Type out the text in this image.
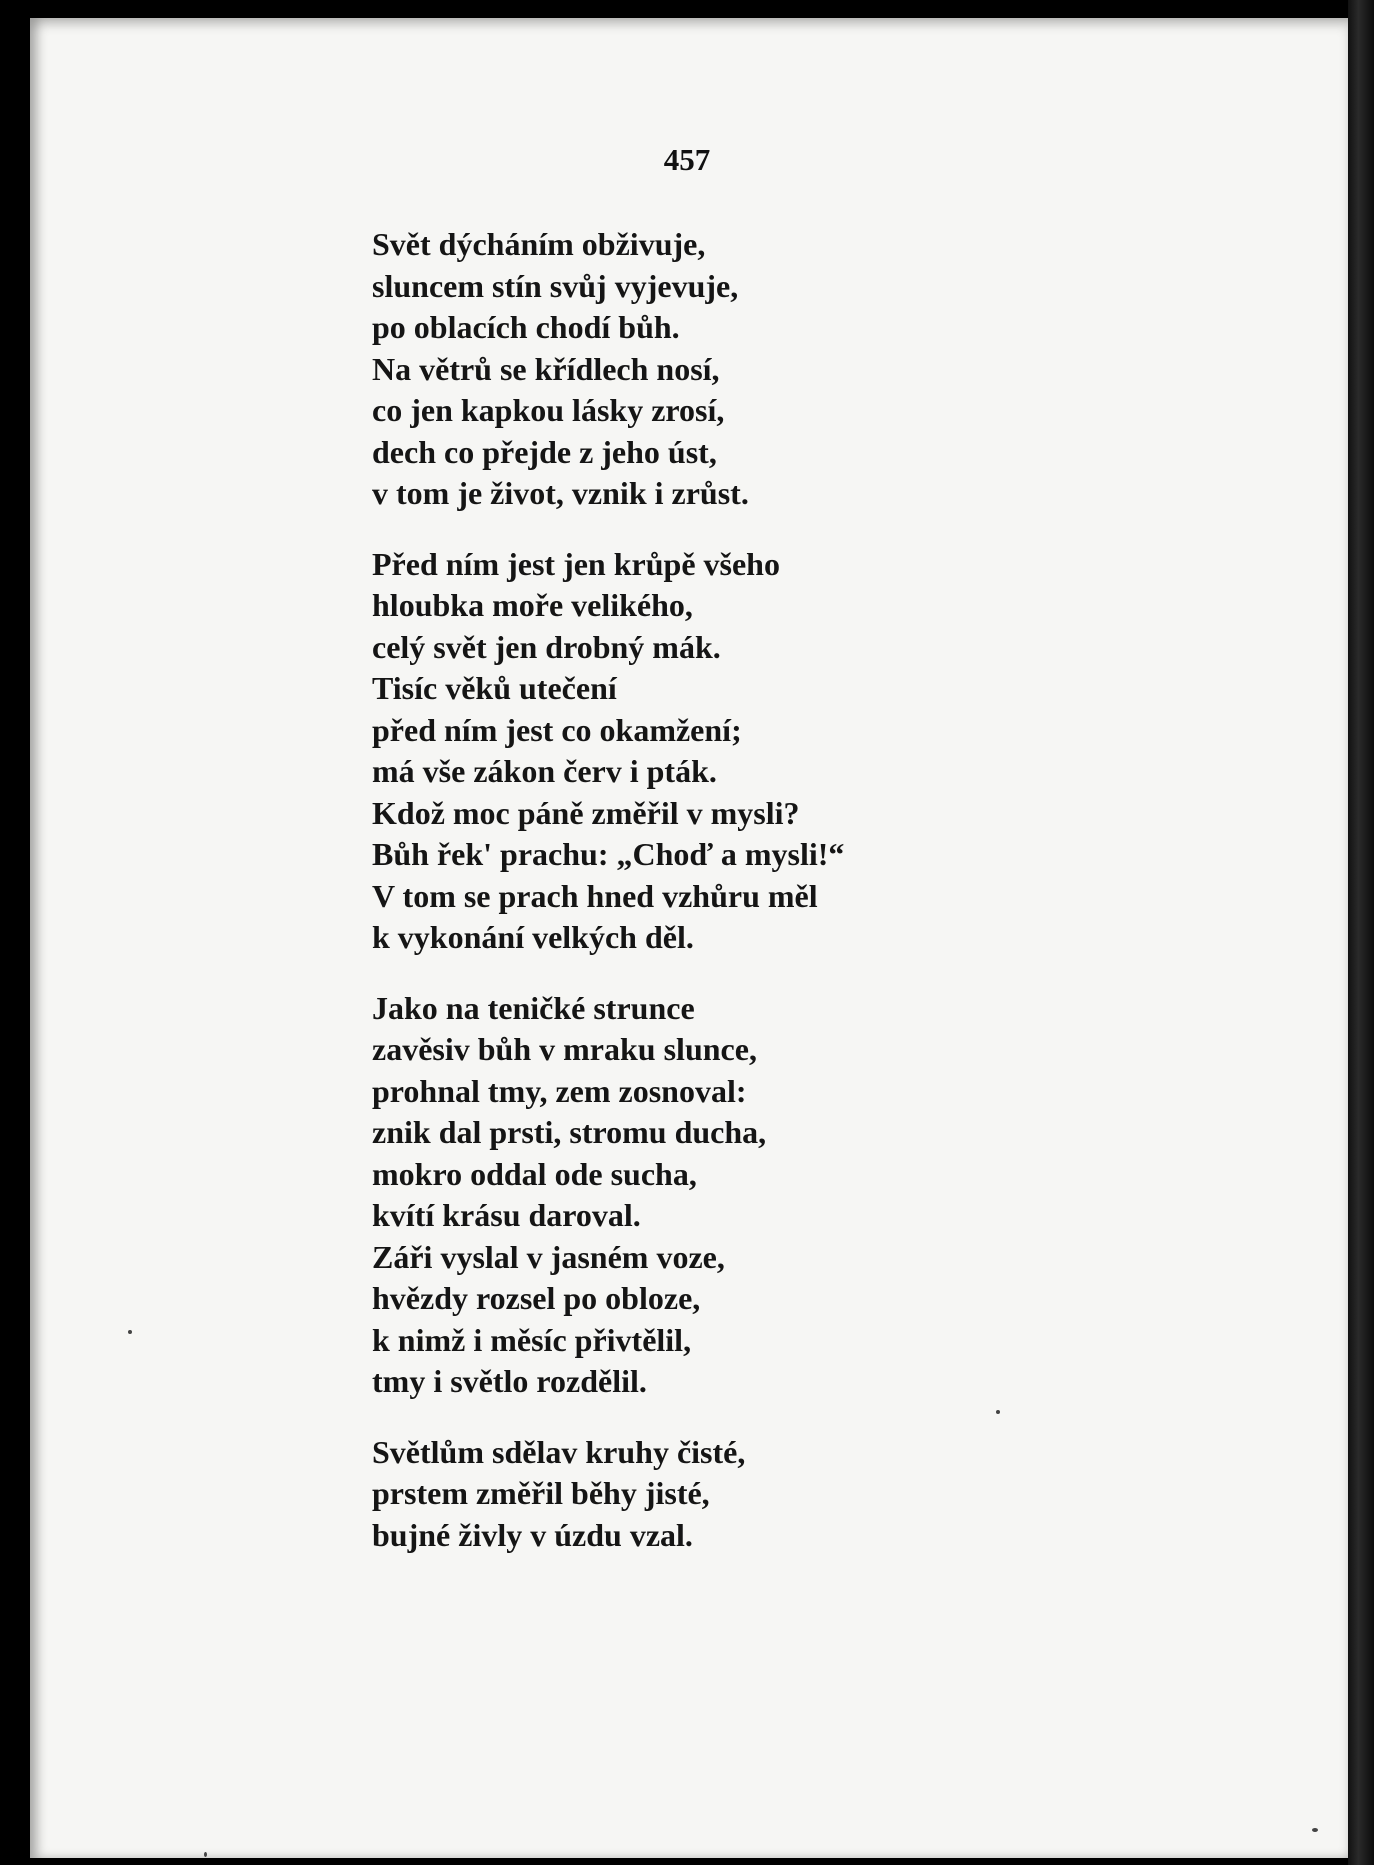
457
Svět dýcháním obživuje,
sluncem stín svůj vyjevuje,
po oblacích chodí bůh.
Na větrů se křídlech nosí,
co jen kapkou lásky zrosí,
dech co přejde z jeho úst,
v tom je život, vznik i zrůst.
Před ním jest jen krůpě všeho
hloubka moře velikého,
celý svět jen drobný mák.
Tisíc věků utečení
před ním jest co okamžení;
má vše zákon červ i pták.
Kdož moc páně změřil v mysli?
Bůh řek' prachu: „Choď a mysli!“
V tom se prach hned vzhůru měl
k vykonání velkých děl.
Jako na teničké strunce
zavěsiv bůh v mraku slunce,
prohnal tmy, zem zosnoval:
znik dal prsti, stromu ducha,
mokro oddal ode sucha,
kvítí krásu daroval.
Záři vyslal v jasném voze,
hvězdy rozsel po obloze,
k nimž i měsíc přivtělil,
tmy i světlo rozdělil.
Světlům sdělav kruhy čisté,
prstem změřil běhy jisté,
bujné živly v úzdu vzal.
